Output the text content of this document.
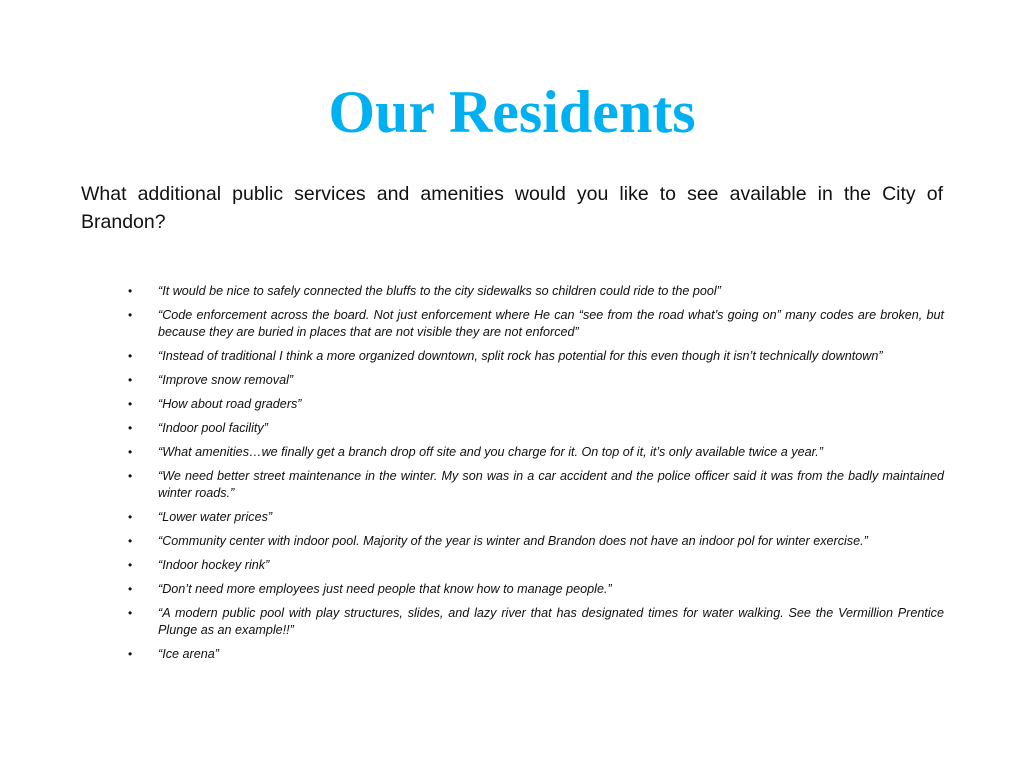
Our Residents

What additional public services and amenities would you like to see available in the City of Brandon?

• “It would be nice to safely connected the bluffs to the city sidewalks so children could ride to the pool”
• “Code enforcement across the board. Not just enforcement where He can “see from the road what’s going on” many codes are broken, but because they are buried in places that are not visible they are not enforced”
• “Instead of traditional I think a more organized downtown, split rock has potential for this even though it isn’t technically downtown”
• “Improve snow removal”
• “How about road graders”
• “Indoor pool facility”
• “What amenities…we finally get a branch drop off site and you charge for it. On top of it, it’s only available twice a year.”
• “We need better street maintenance in the winter. My son was in a car accident and the police officer said it was from the badly maintained winter roads.”
• “Lower water prices”
• “Community center with indoor pool. Majority of the year is winter and Brandon does not have an indoor pol for winter exercise.”
• “Indoor hockey rink”
• “Don’t need more employees just need people that know how to manage people.”
• “A modern public pool with play structures, slides, and lazy river that has designated times for water walking. See the Vermillion Prentice Plunge as an example!!”
• “Ice arena”
